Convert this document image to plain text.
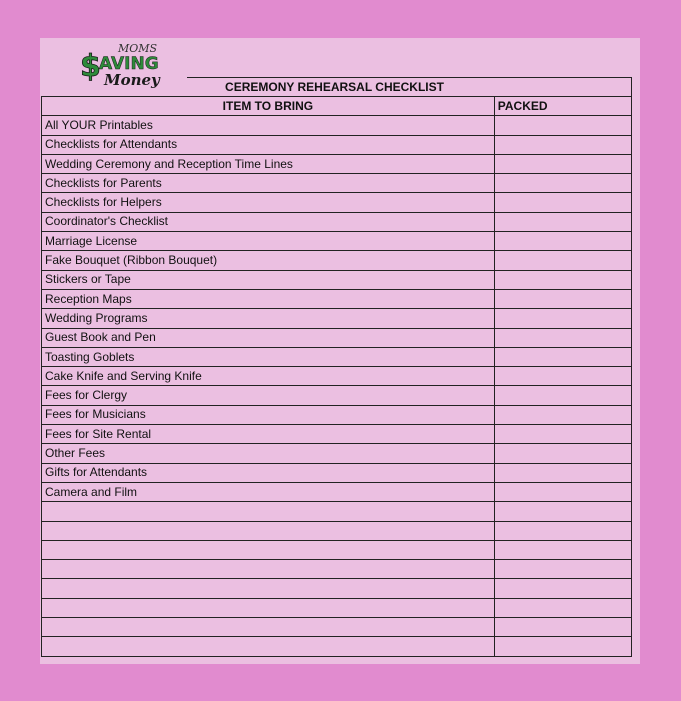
MOMS
$
AVING
Money	CEREMONY REHEARSAL CHECKLIST
ITEM TO BRING	PACKED
All YOUR Printables	
Checklists for Attendants	
Wedding Ceremony and Reception Time Lines	
Checklists for Parents	
Checklists for Helpers	
Coordinator's Checklist	
Marriage License	
Fake Bouquet (Ribbon Bouquet)	
Stickers or Tape	
Reception Maps	
Wedding Programs	
Guest Book and Pen	
Toasting Goblets	
Cake Knife and Serving Knife	
Fees for Clergy	
Fees for Musicians	
Fees for Site Rental	
Other Fees	
Gifts for Attendants	
Camera and Film	
